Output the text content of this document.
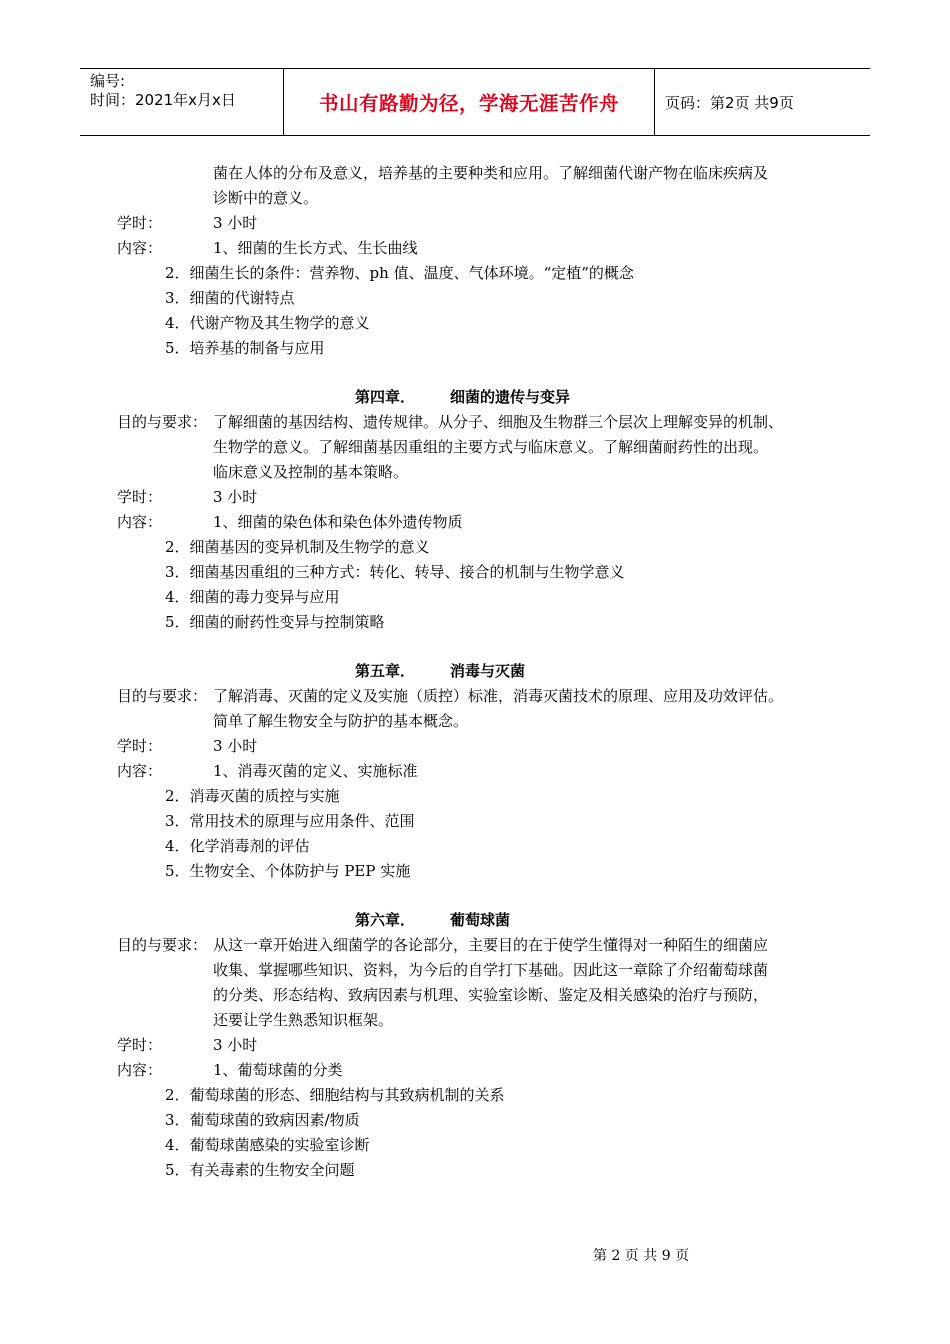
编号:
时间：2021年x月x日	书山有路勤为径，学海无涯苦作舟	页码：第2页 共9页
菌在人体的分布及意义，培养基的主要种类和应用。了解细菌代谢产物在临床疾病及
诊断中的意义。
学时：	3 小时
内容：	1、细菌的生长方式、生长曲线
2．细菌生长的条件：营养物、ph 值、温度、气体环境。“定植”的概念
3．细菌的代谢特点
4．代谢产物及其生物学的意义
5．培养基的制备与应用
第四章． 细菌的遗传与变异
目的与要求： 了解细菌的基因结构、遗传规律。从分子、细胞及生物群三个层次上理解变异的机制、
生物学的意义。了解细菌基因重组的主要方式与临床意义。了解细菌耐药性的出现。
临床意义及控制的基本策略。
学时：	3 小时
内容：	1、细菌的染色体和染色体外遗传物质
2．细菌基因的变异机制及生物学的意义
3．细菌基因重组的三种方式：转化、转导、接合的机制与生物学意义
4．细菌的毒力变异与应用
5．细菌的耐药性变异与控制策略
第五章． 消毒与灭菌
目的与要求： 了解消毒、灭菌的定义及实施（质控）标准，消毒灭菌技术的原理、应用及功效评估。
简单了解生物安全与防护的基本概念。
学时：	3 小时
内容：	1、消毒灭菌的定义、实施标准
2．消毒灭菌的质控与实施
3．常用技术的原理与应用条件、范围
4．化学消毒剂的评估
5．生物安全、个体防护与 PEP 实施
第六章． 葡萄球菌
目的与要求： 从这一章开始进入细菌学的各论部分，主要目的在于使学生懂得对一种陌生的细菌应
收集、掌握哪些知识、资料，为今后的自学打下基础。因此这一章除了介绍葡萄球菌
的分类、形态结构、致病因素与机理、实验室诊断、鉴定及相关感染的治疗与预防，
还要让学生熟悉知识框架。
学时：	3 小时
内容：	1、葡萄球菌的分类
2．葡萄球菌的形态、细胞结构与其致病机制的关系
3．葡萄球菌的致病因素/物质
4．葡萄球菌感染的实验室诊断
5．有关毒素的生物安全问题
第 2 页 共 9 页
